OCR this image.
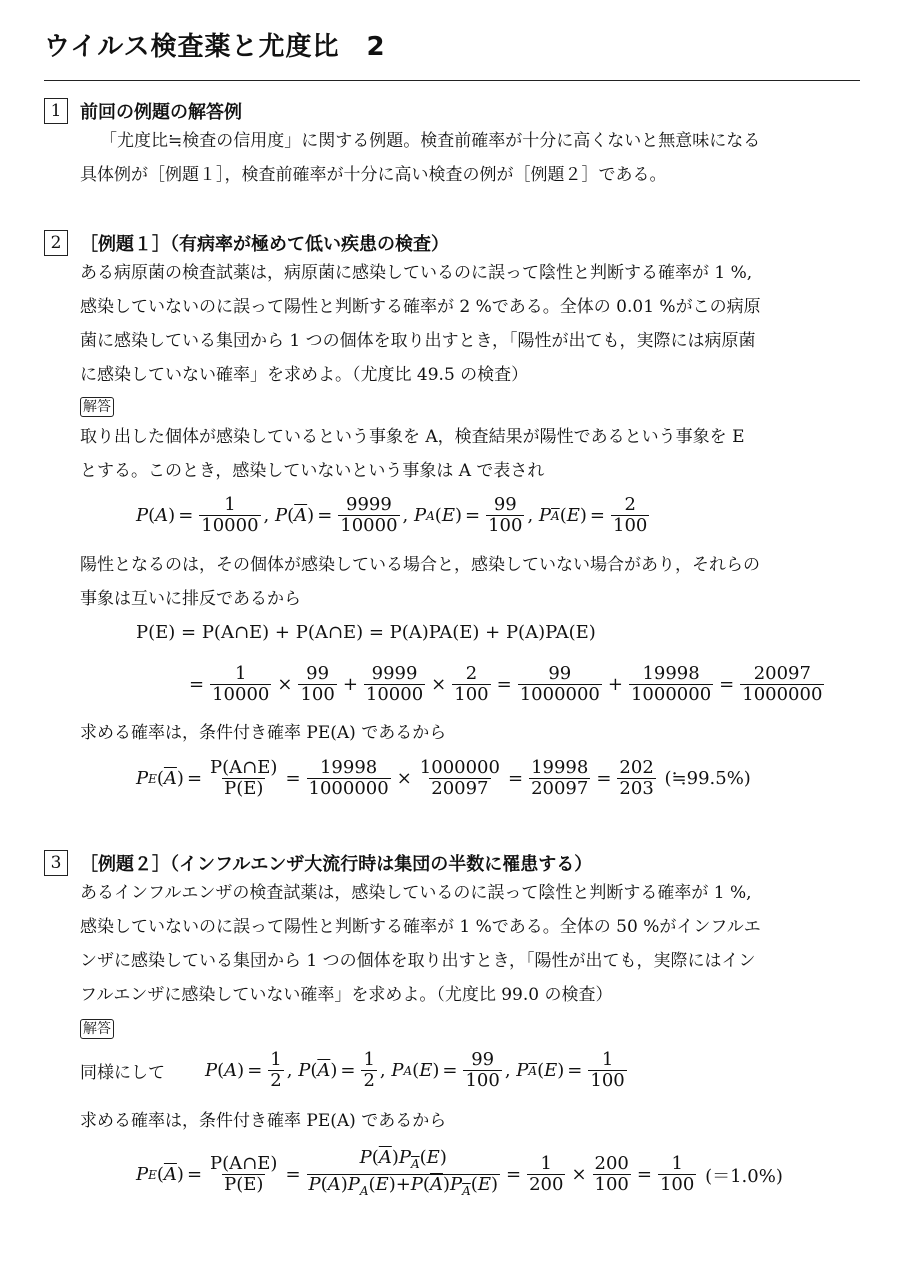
ウイルス検査薬と尤度比　2
1	前回の例題の解答例
「尤度比≒検査の信用度」に関する例題。検査前確率が十分に高くないと無意味になる
具体例が［例題１］，検査前確率が十分に高い検査の例が［例題２］である。
2	［例題１］（有病率が極めて低い疾患の検査）
ある病原菌の検査試薬は，病原菌に感染しているのに誤って陰性と判断する確率が 1 %,
感染していないのに誤って陽性と判断する確率が 2 %である。全体の 0.01 %がこの病原
菌に感染している集団から 1 つの個体を取り出すとき，「陽性が出ても，実際には病原菌
に感染していない確率」を求めよ。（尤度比 49.5 の検査）
解答
取り出した個体が感染しているという事象を A，検査結果が陽性であるという事象を E
とする。このとき，感染していないという事象は A で表され
P ( A ) = $\frac{1}{10000}$ , P ( $\overline{A}$ ) = $\frac{9999}{10000}$ , P A ( E ) = $\frac{99}{100}$ , P $\overline{A}$ ( E ) = $\frac{2}{100}$
陽性となるのは，その個体が感染している場合と，感染していない場合があり，それらの
事象は互いに排反であるから
P(E) = P(A∩E) + P(A∩E) = P(A)PA(E) + P(A)PA(E)
= $\frac{1}{10000} \times \frac{99}{100} + \frac{9999}{10000} \times \frac{2}{100} = \frac{99}{1000000} + \frac{19998}{1000000} = \frac{20097}{1000000}$
求める確率は，条件付き確率 PE(A) であるから
P E ( $\overline{A}$ ) = $\frac{P(A\cap E)}{P(E)} = \frac{19998}{1000000} \times \frac{1000000}{20097} = \frac{19998}{20097} = \frac{202}{203}$
(≒99.5%)
3	［例題２］（インフルエンザ大流行時は集団の半数に罹患する）
あるインフルエンザの検査試薬は，感染しているのに誤って陰性と判断する確率が 1 %,
感染していないのに誤って陽性と判断する確率が 1 %である。全体の 50 %がインフルエ
ンザに感染している集団から 1 つの個体を取り出すとき，「陽性が出ても，実際にはイン
フルエンザに感染していない確率」を求めよ。（尤度比 99.0 の検査）
解答
同様にして P ( A ) = $\frac{1}{2}$ , P ( $\overline{A}$ ) = $\frac{1}{2}$ , P A ( E ) = $\frac{99}{100}$ , P $\overline{A}$ ( E ) = $\frac{1}{100}$
求める確率は，条件付き確率 PE(A) であるから
P E ( $\overline{A}$ ) = $\frac{P(A\cap E)}{P(E)} = \frac{P(\overline{A})P_{\overline{A}}(E)}{P(A)P_A(E)+P(\overline{A})P_{\overline{A}}(E)} = \frac{1}{200} \times \frac{200}{100} = \frac{1}{100}$
(＝1.0%)
